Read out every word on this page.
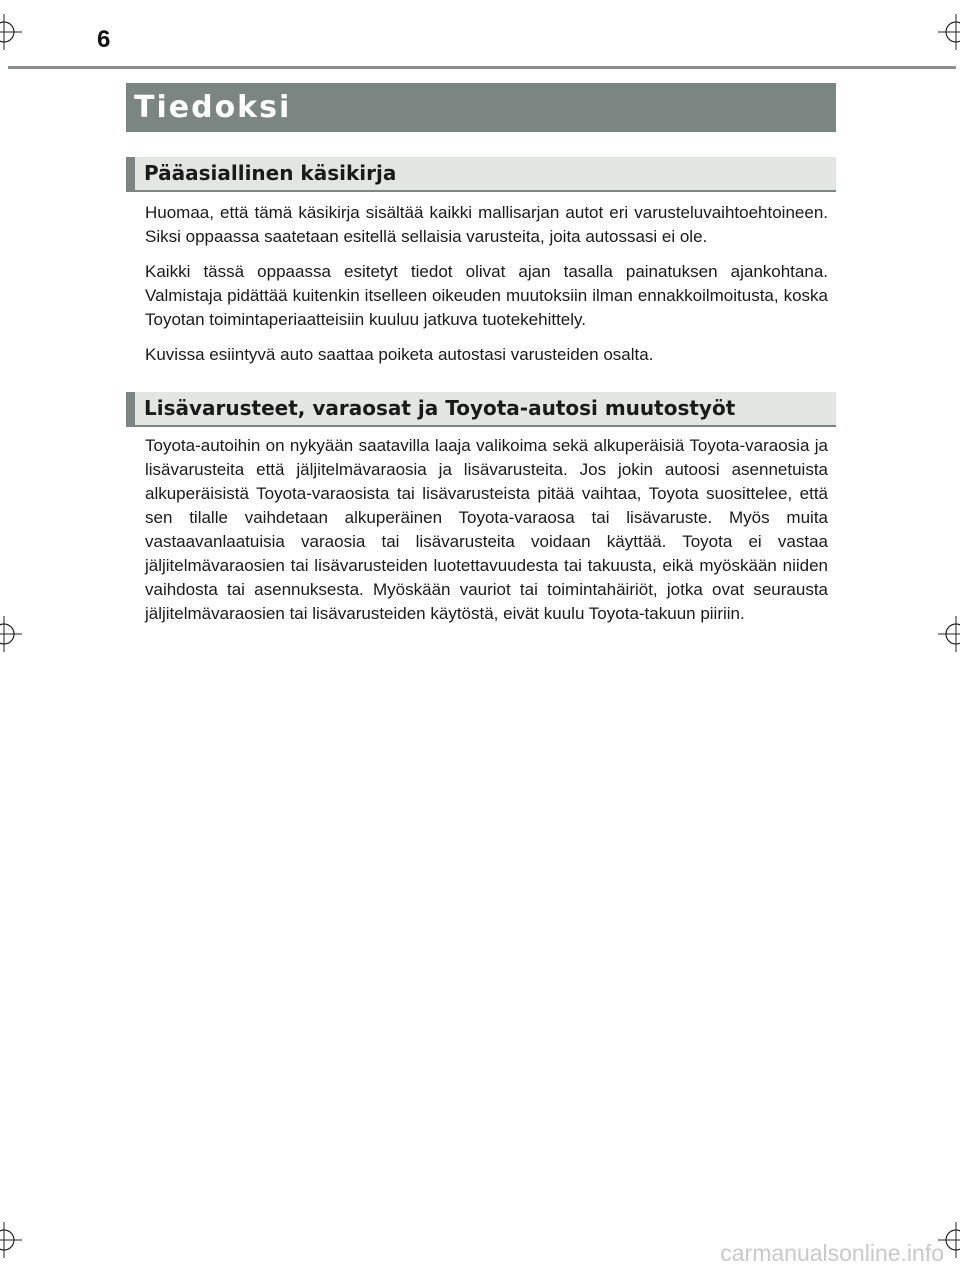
6
Tiedoksi
Pääasiallinen käsikirja

Huomaa, että tämä käsikirja sisältää kaikki mallisarjan autot eri varusteluvaihtoehtoineen. Siksi oppaassa saatetaan esitellä sellaisia varusteita, joita autossasi ei ole.

Kaikki tässä oppaassa esitetyt tiedot olivat ajan tasalla painatuksen ajankohtana. Valmistaja pidättää kuitenkin itselleen oikeuden muutoksiin ilman ennakkoilmoitusta, koska Toyotan toimintaperiaatteisiin kuuluu jatkuva tuotekehittely.

Kuvissa esiintyvä auto saattaa poiketa autostasi varusteiden osalta.

Lisävarusteet, varaosat ja Toyota-autosi muutostyöt

Toyota-autoihin on nykyään saatavilla laaja valikoima sekä alkuperäisiä Toyota-varaosia ja lisävarusteita että jäljitelmävaraosia ja lisävarusteita. Jos jokin autoosi asennetuista alkuperäisistä Toyota-varaosista tai lisävarusteista pitää vaihtaa, Toyota suosittelee, että sen tilalle vaihdetaan alkuperäinen Toyota-varaosa tai lisävaruste. Myös muita vastaavanlaatuisia varaosia tai lisävarusteita voidaan käyttää. Toyota ei vastaa jäljitelmävaraosien tai lisävarusteiden luotettavuudesta tai takuusta, eikä myöskään niiden vaihdosta tai asennuksesta. Myöskään vauriot tai toimintahäiriöt, jotka ovat seurausta jäljitelmävaraosien tai lisävarusteiden käytöstä, eivät kuulu Toyota-takuun piiriin.

carmanualsonline.info
